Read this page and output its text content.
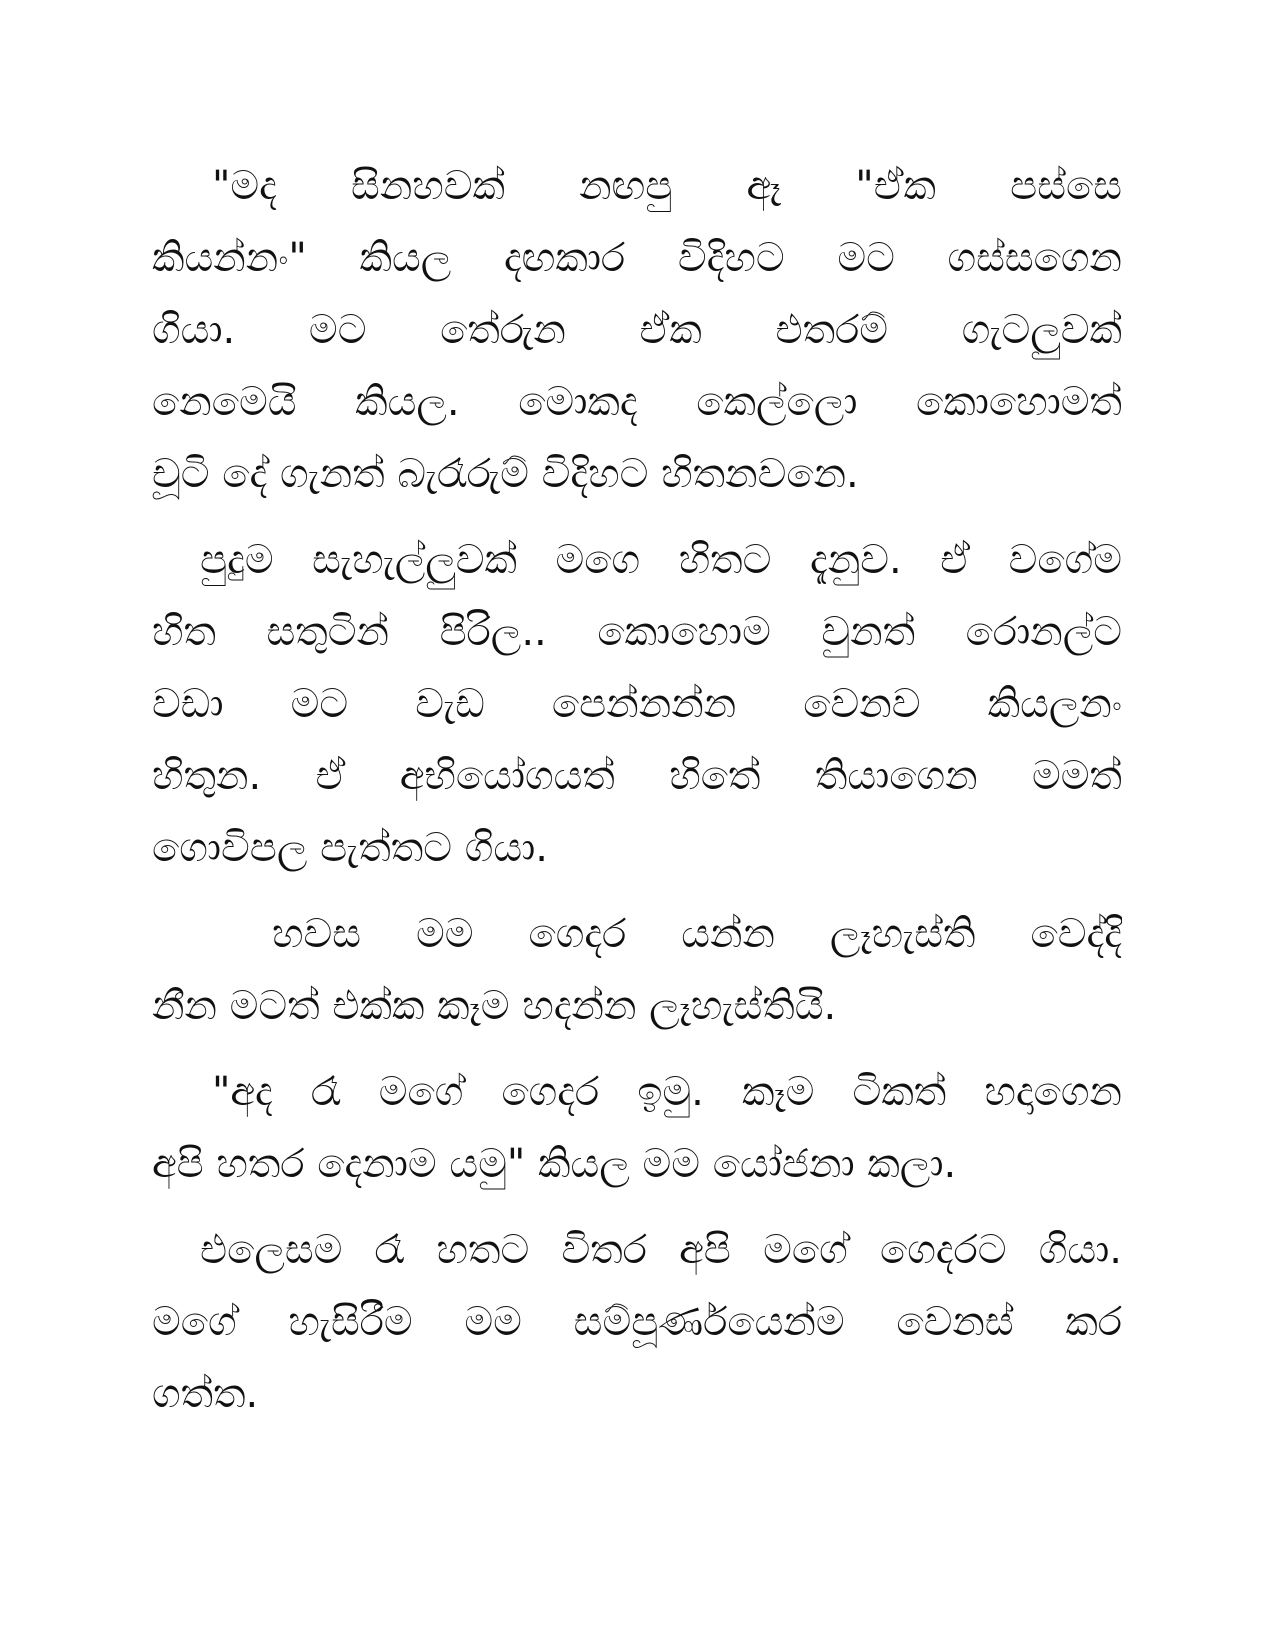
"මද සිනහවක් නඟපු ඈ "ඒක පස්සෙ
කියන්නං" කියල දඟකාර විදිහට මට ගස්සගෙන
ගියා. මට තේරුන ඒක එතරම් ගැටලුවක්
නෙමෙයි කියල. මොකද කෙල්ලො කොහොමත්
චූටි දේ ගැනත් බැරෑරුම් විදිහට හිතනවනෙ.

පුදුම සැහැල්ලුවක් මගෙ හිතට දැනුව. ඒ වගේම
හිත සතුටින් පිරිල.. කොහොම වුනත් රොනල්ට
වඩා මට වැඩ පෙන්නන්න වෙනව කියලනං
හිතුන. ඒ අභියෝගයත් හිතේ තියාගෙන මමත්
ගොවිපල පැත්තට ගියා.

හවස මම ගෙදර යන්න ලෑහැස්ති වෙද්දි
නීන මටත් එක්ක කෑම හදන්න ලෑහැස්තියි.

"අද රෑ මගේ ගෙදර ඉමු. කෑම ටිකත් හදාගෙන
අපි හතර දෙනාම යමු" කියල මම යෝජනා කලා.

එලෙසම රෑ හතට විතර අපි මගේ ගෙදරට ගියා.
මගේ හැසිරීම මම සම්පූර්ණයෙන්ම වෙනස් කර
ගත්ත.
